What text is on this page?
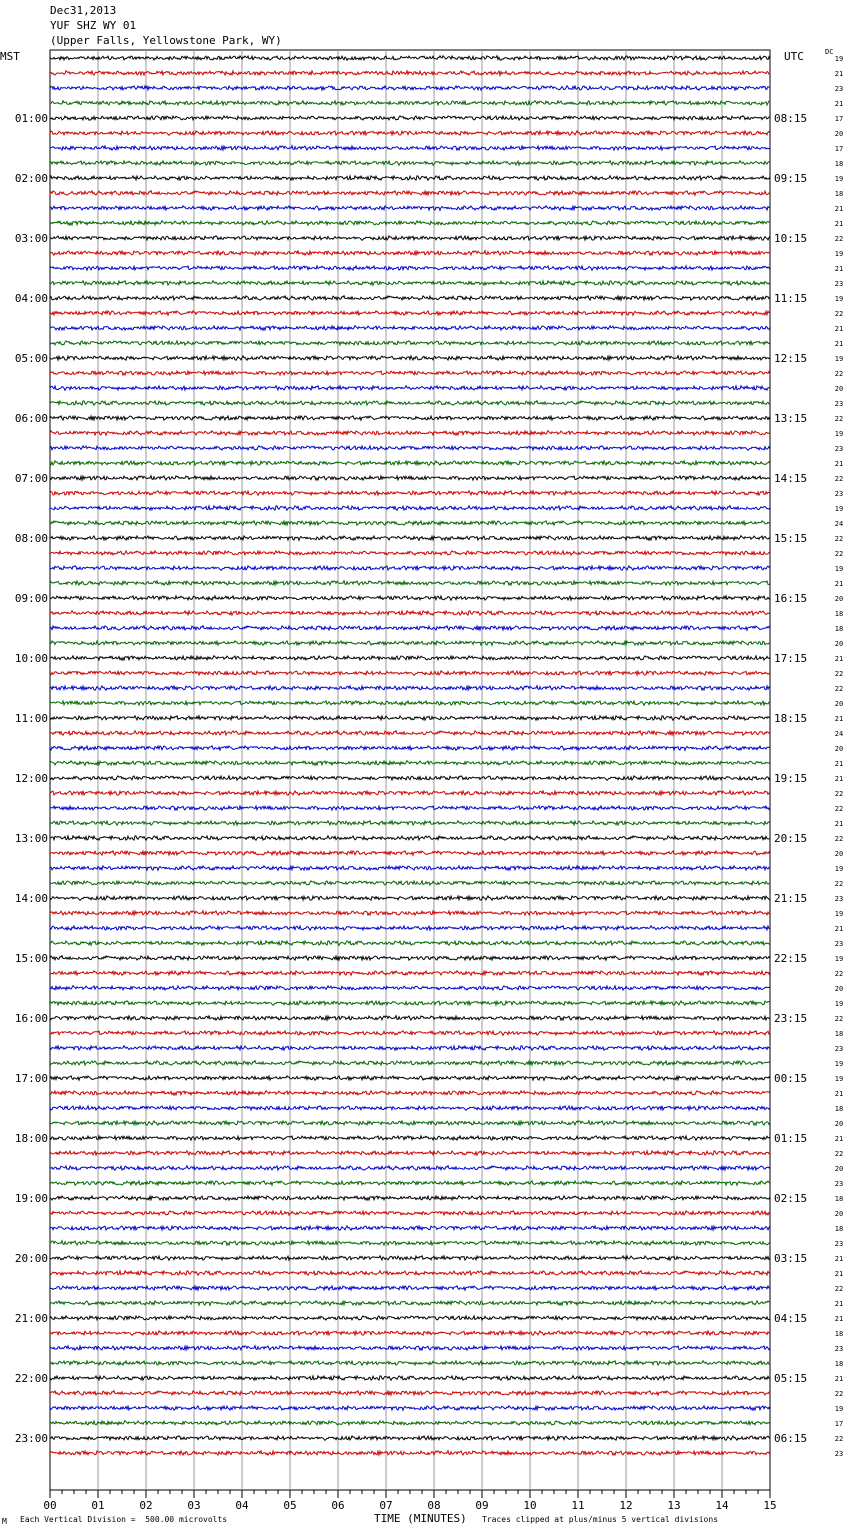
Dec31,2013
YUF SHZ WY 01
(Upper Falls, Yellowstone Park, WY)
MST	UTC	DC
19
21
23
21
17
20
17
18
19
18
21
21
22
19
21
23
19
22
21
21
19
22
20
23
22
19
23
21
22
23
19
24
22
22
19
21
20
18
18
20
21
22
22
20
21
24
20
21
21
22
22
21
22
20
19
22
23
19
21
23
19
22
20
19
22
18
23
19
19
21
18
20
21
22
20
23
18
20
18
23
21
21
22
21
21
18
23
18
21
22
19
17
22
23
01:00
02:00
03:00
04:00
05:00
06:00
07:00
08:00
09:00
10:00
11:00
12:00
13:00
14:00
15:00
16:00
17:00
18:00
19:00
20:00
21:00
22:00
23:00
08:15
09:15
10:15
11:15
12:15
13:15
14:15
15:15
16:15
17:15
18:15
19:15
20:15
21:15
22:15
23:15
00:15
01:15
02:15
03:15
04:15
05:15
06:15
00	01	02	03	04	05	06	07	08	09	10	11	12	13	14	15
M Each Vertical Division =  500.00 microvolts	TIME (MINUTES) Traces clipped at plus/minus 5 vertical divisions
